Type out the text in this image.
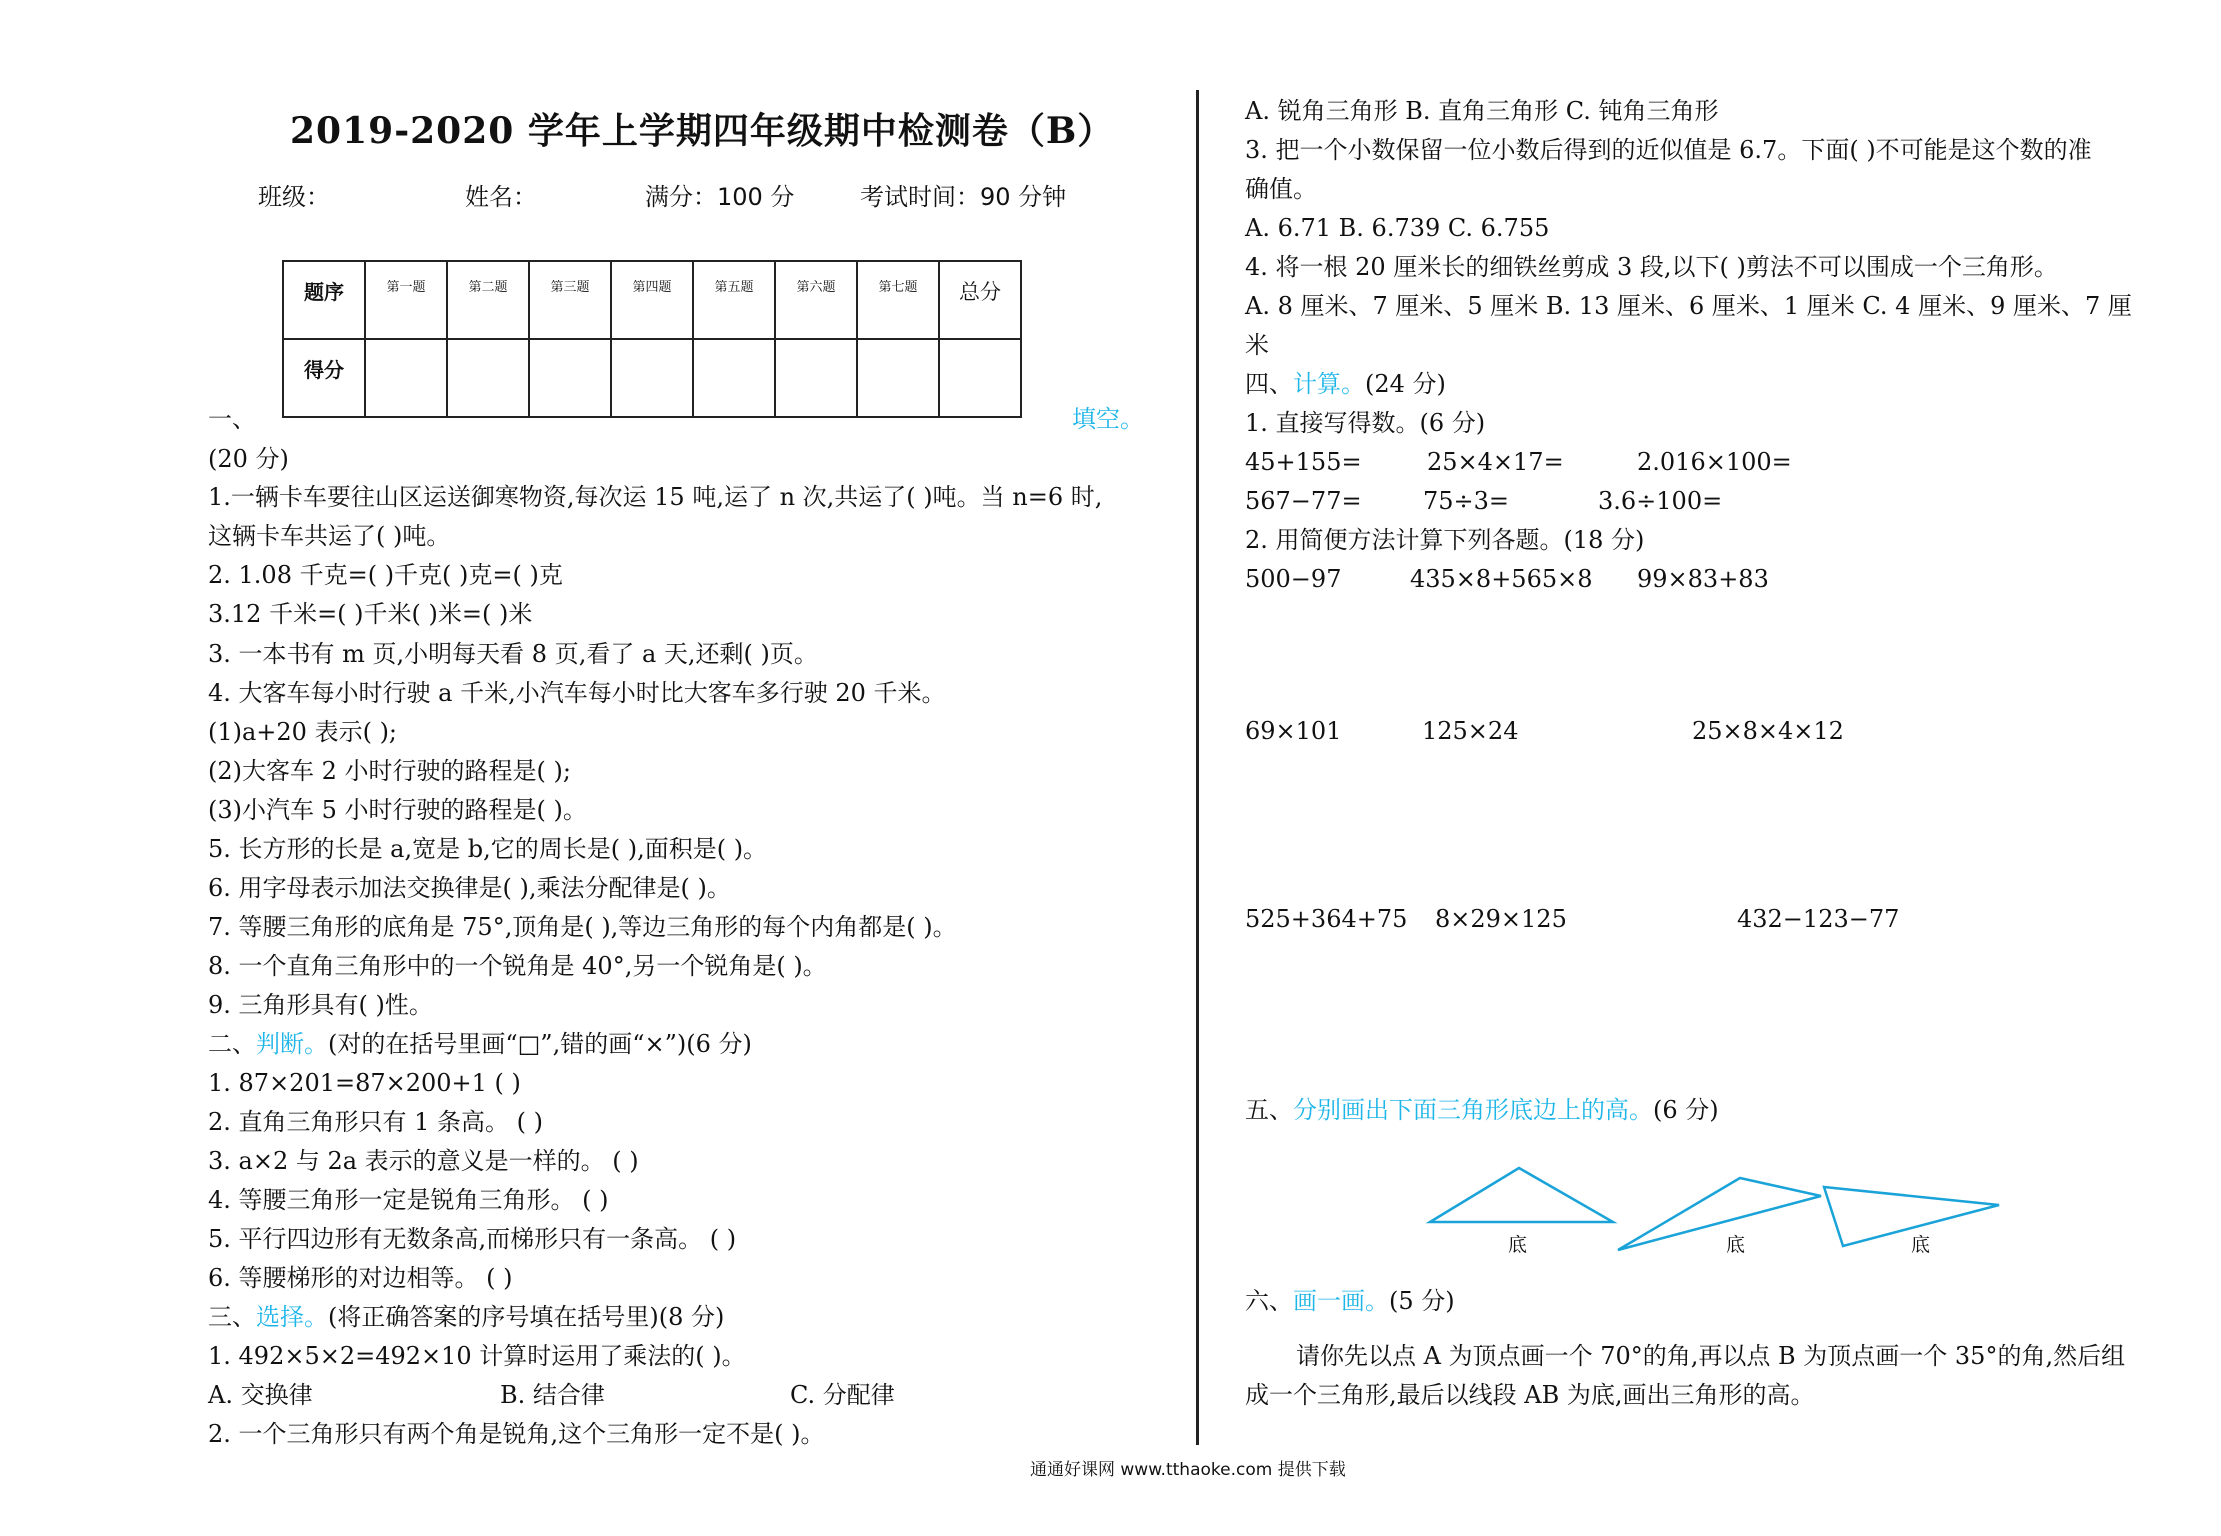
2019-2020 学年上学期四年级期中检测卷（B）
班级：	姓名：	满分：100 分	考试时间：90 分钟
题序	第一题	第二题	第三题	第四题	第五题	第六题	第七题	总分
得分								
一、	填空。
(20 分)
1.一辆卡车要往山区运送御寒物资,每次运 15 吨,运了 n 次,共运了( )吨。当 n=6 时,
这辆卡车共运了( )吨。
2. 1.08 千克=( )千克( )克=( )克
3.12 千米=( )千米( )米=( )米
3. 一本书有 m 页,小明每天看 8 页,看了 a 天,还剩( )页。
4. 大客车每小时行驶 a 千米,小汽车每小时比大客车多行驶 20 千米。
(1)a+20 表示( );
(2)大客车 2 小时行驶的路程是( );
(3)小汽车 5 小时行驶的路程是( )。
5. 长方形的长是 a,宽是 b,它的周长是( ),面积是( )。
6. 用字母表示加法交换律是( ),乘法分配律是( )。
7. 等腰三角形的底角是 75°,顶角是( ),等边三角形的每个内角都是( )。
8. 一个直角三角形中的一个锐角是 40°,另一个锐角是( )。
9. 三角形具有( )性。
二、判断。(对的在括号里画“□”,错的画“×”)(6 分)
1. 87×201=87×200+1 ( )
2. 直角三角形只有 1 条高。 ( )
3. a×2 与 2a 表示的意义是一样的。 ( )
4. 等腰三角形一定是锐角三角形。 ( )
5. 平行四边形有无数条高,而梯形只有一条高。 ( )
6. 等腰梯形的对边相等。 ( )
三、选择。(将正确答案的序号填在括号里)(8 分)
1. 492×5×2=492×10 计算时运用了乘法的( )。
A. 交换律	B. 结合律	C. 分配律
2. 一个三角形只有两个角是锐角,这个三角形一定不是( )。
A. 锐角三角形 B. 直角三角形 C. 钝角三角形
3. 把一个小数保留一位小数后得到的近似值是 6.7。下面( )不可能是这个数的准
确值。
A. 6.71 B. 6.739 C. 6.755
4. 将一根 20 厘米长的细铁丝剪成 3 段,以下( )剪法不可以围成一个三角形。
A. 8 厘米、7 厘米、5 厘米 B. 13 厘米、6 厘米、1 厘米 C. 4 厘米、9 厘米、7 厘
米
四、计算。(24 分)
1. 直接写得数。(6 分)
45+155=	25×4×17=	2.016×100=
567−77=	75÷3=	3.6÷100=
2. 用简便方法计算下列各题。(18 分)
500−97	435×8+565×8 99×83+83
69×101	125×24	25×8×4×12
525+364+75 8×29×125	432−123−77
五、分别画出下面三角形底边上的高。(6 分)
底	底	底
六、画一画。(5 分)
请你先以点 A 为顶点画一个 70°的角,再以点 B 为顶点画一个 35°的角,然后组
成一个三角形,最后以线段 AB 为底,画出三角形的高。
通通好课网 www.tthaoke.com 提供下载
